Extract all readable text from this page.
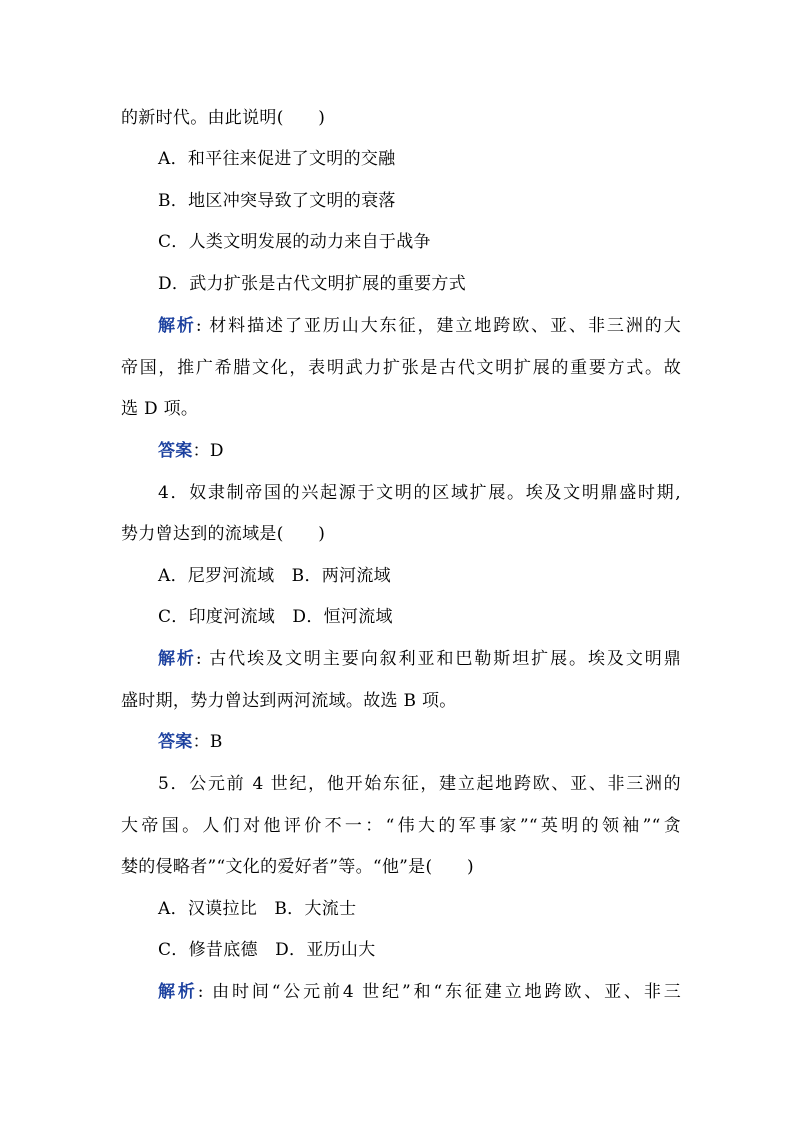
的新时代。由此说明(　　)
A．和平往来促进了文明的交融
B．地区冲突导致了文明的衰落
C．人类文明发展的动力来自于战争
D．武力扩张是古代文明扩展的重要方式
解析: 材料描述了亚历山大东征，建立地跨欧、亚、非三洲的大
帝国，推广希腊文化，表明武力扩张是古代文明扩展的重要方式。故
选 D 项。
答案：D
4．奴隶制帝国的兴起源于文明的区域扩展。埃及文明鼎盛时期,
势力曾达到的流域是(　　)
A．尼罗河流域　B．两河流域
C．印度河流域　D．恒河流域
解析: 古代埃及文明主要向叙利亚和巴勒斯坦扩展。埃及文明鼎
盛时期，势力曾达到两河流域。故选 B 项。
答案：B
5．公元前 4 世纪，他开始东征，建立起地跨欧、亚、非三洲的
大帝国。人们对他评价不一：“伟大的军事家”“英明的领袖”“贪
婪的侵略者”“文化的爱好者”等。“他”是(　　)
A．汉谟拉比　B．大流士
C．修昔底德　D．亚历山大
解析: 由时间“公元前4 世纪”和“东征建立地跨欧、亚、非三
